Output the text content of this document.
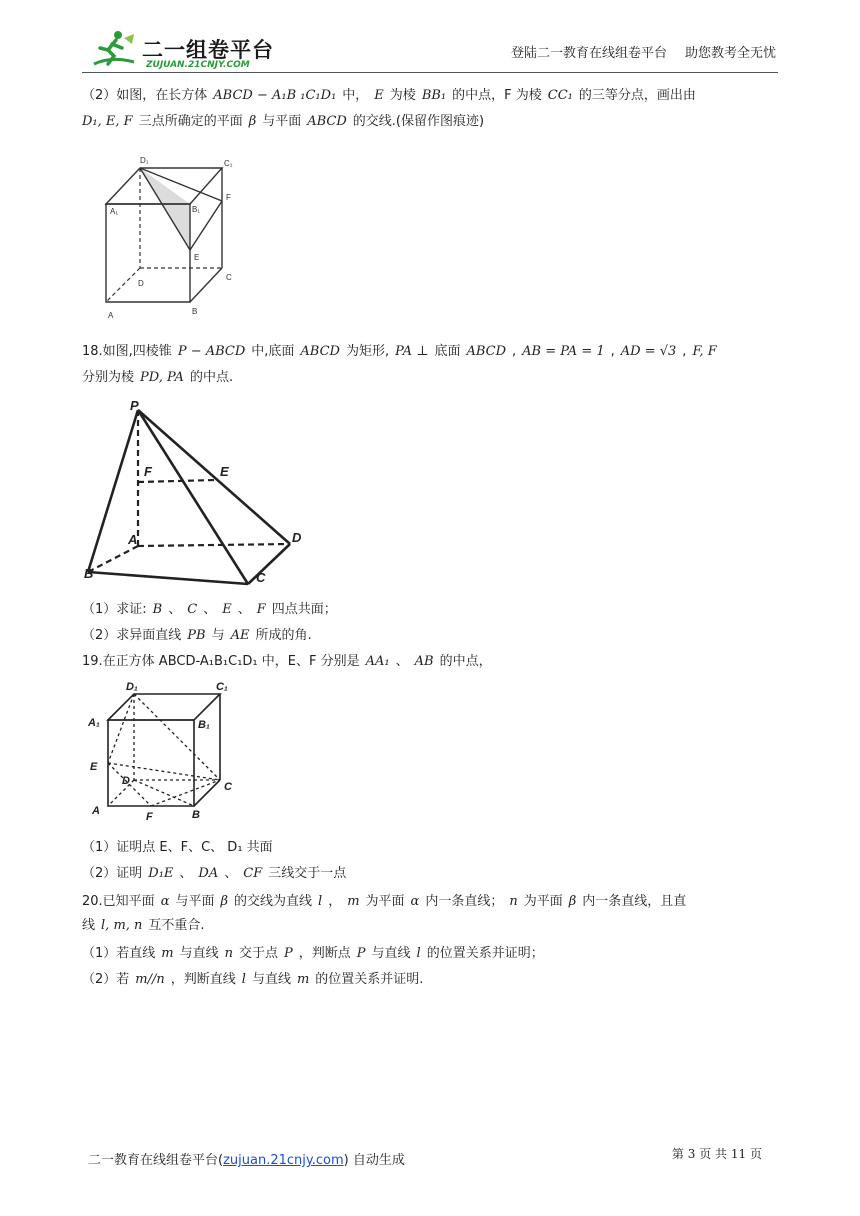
二一组卷平台
ZUJUAN.21CNJY.COM
登陆二一教育在线组卷平台 助您教考全无忧
（2）如图，在长方体 ABCD − A₁B ₁C₁D₁ 中， E 为棱 BB₁ 的中点，F 为棱 CC₁ 的三等分点，画出由
D₁, E, F 三点所确定的平面 β 与平面 ABCD 的交线.(保留作图痕迹)
D₁	C₁
A₁	B₁
F
E
D
C
A	B
18.如图,四棱锥 P − ABCD 中,底面 ABCD 为矩形, PA ⊥ 底面 ABCD , AB = PA = 1 , AD = √3 , F, F
分别为棱 PD, PA 的中点.
P
F	E
A	D
B	C
（1）求证: B 、 C 、 E 、 F 四点共面；
（2）求异面直线 PB 与 AE 所成的角.
19.在正方体 ABCD-A₁B₁C₁D₁ 中，E、F 分别是 AA₁ 、 AB 的中点，
D₁	C₁
A₁	B₁
E
D	C
A	F	B
（1）证明点 E、F、C、 D₁ 共面
（2）证明 D₁E 、 DA 、 CF 三线交于一点
20.已知平面 α 与平面 β 的交线为直线 l ， m 为平面 α 内一条直线； n 为平面 β 内一条直线，且直
线 l, m, n 互不重合.
（1）若直线 m 与直线 n 交于点 P ，判断点 P 与直线 l 的位置关系并证明；
（2）若 m//n ，判断直线 l 与直线 m 的位置关系并证明.
二一教育在线组卷平台(zujuan.21cnjy.com) 自动生成	第 3 页 共 11 页
